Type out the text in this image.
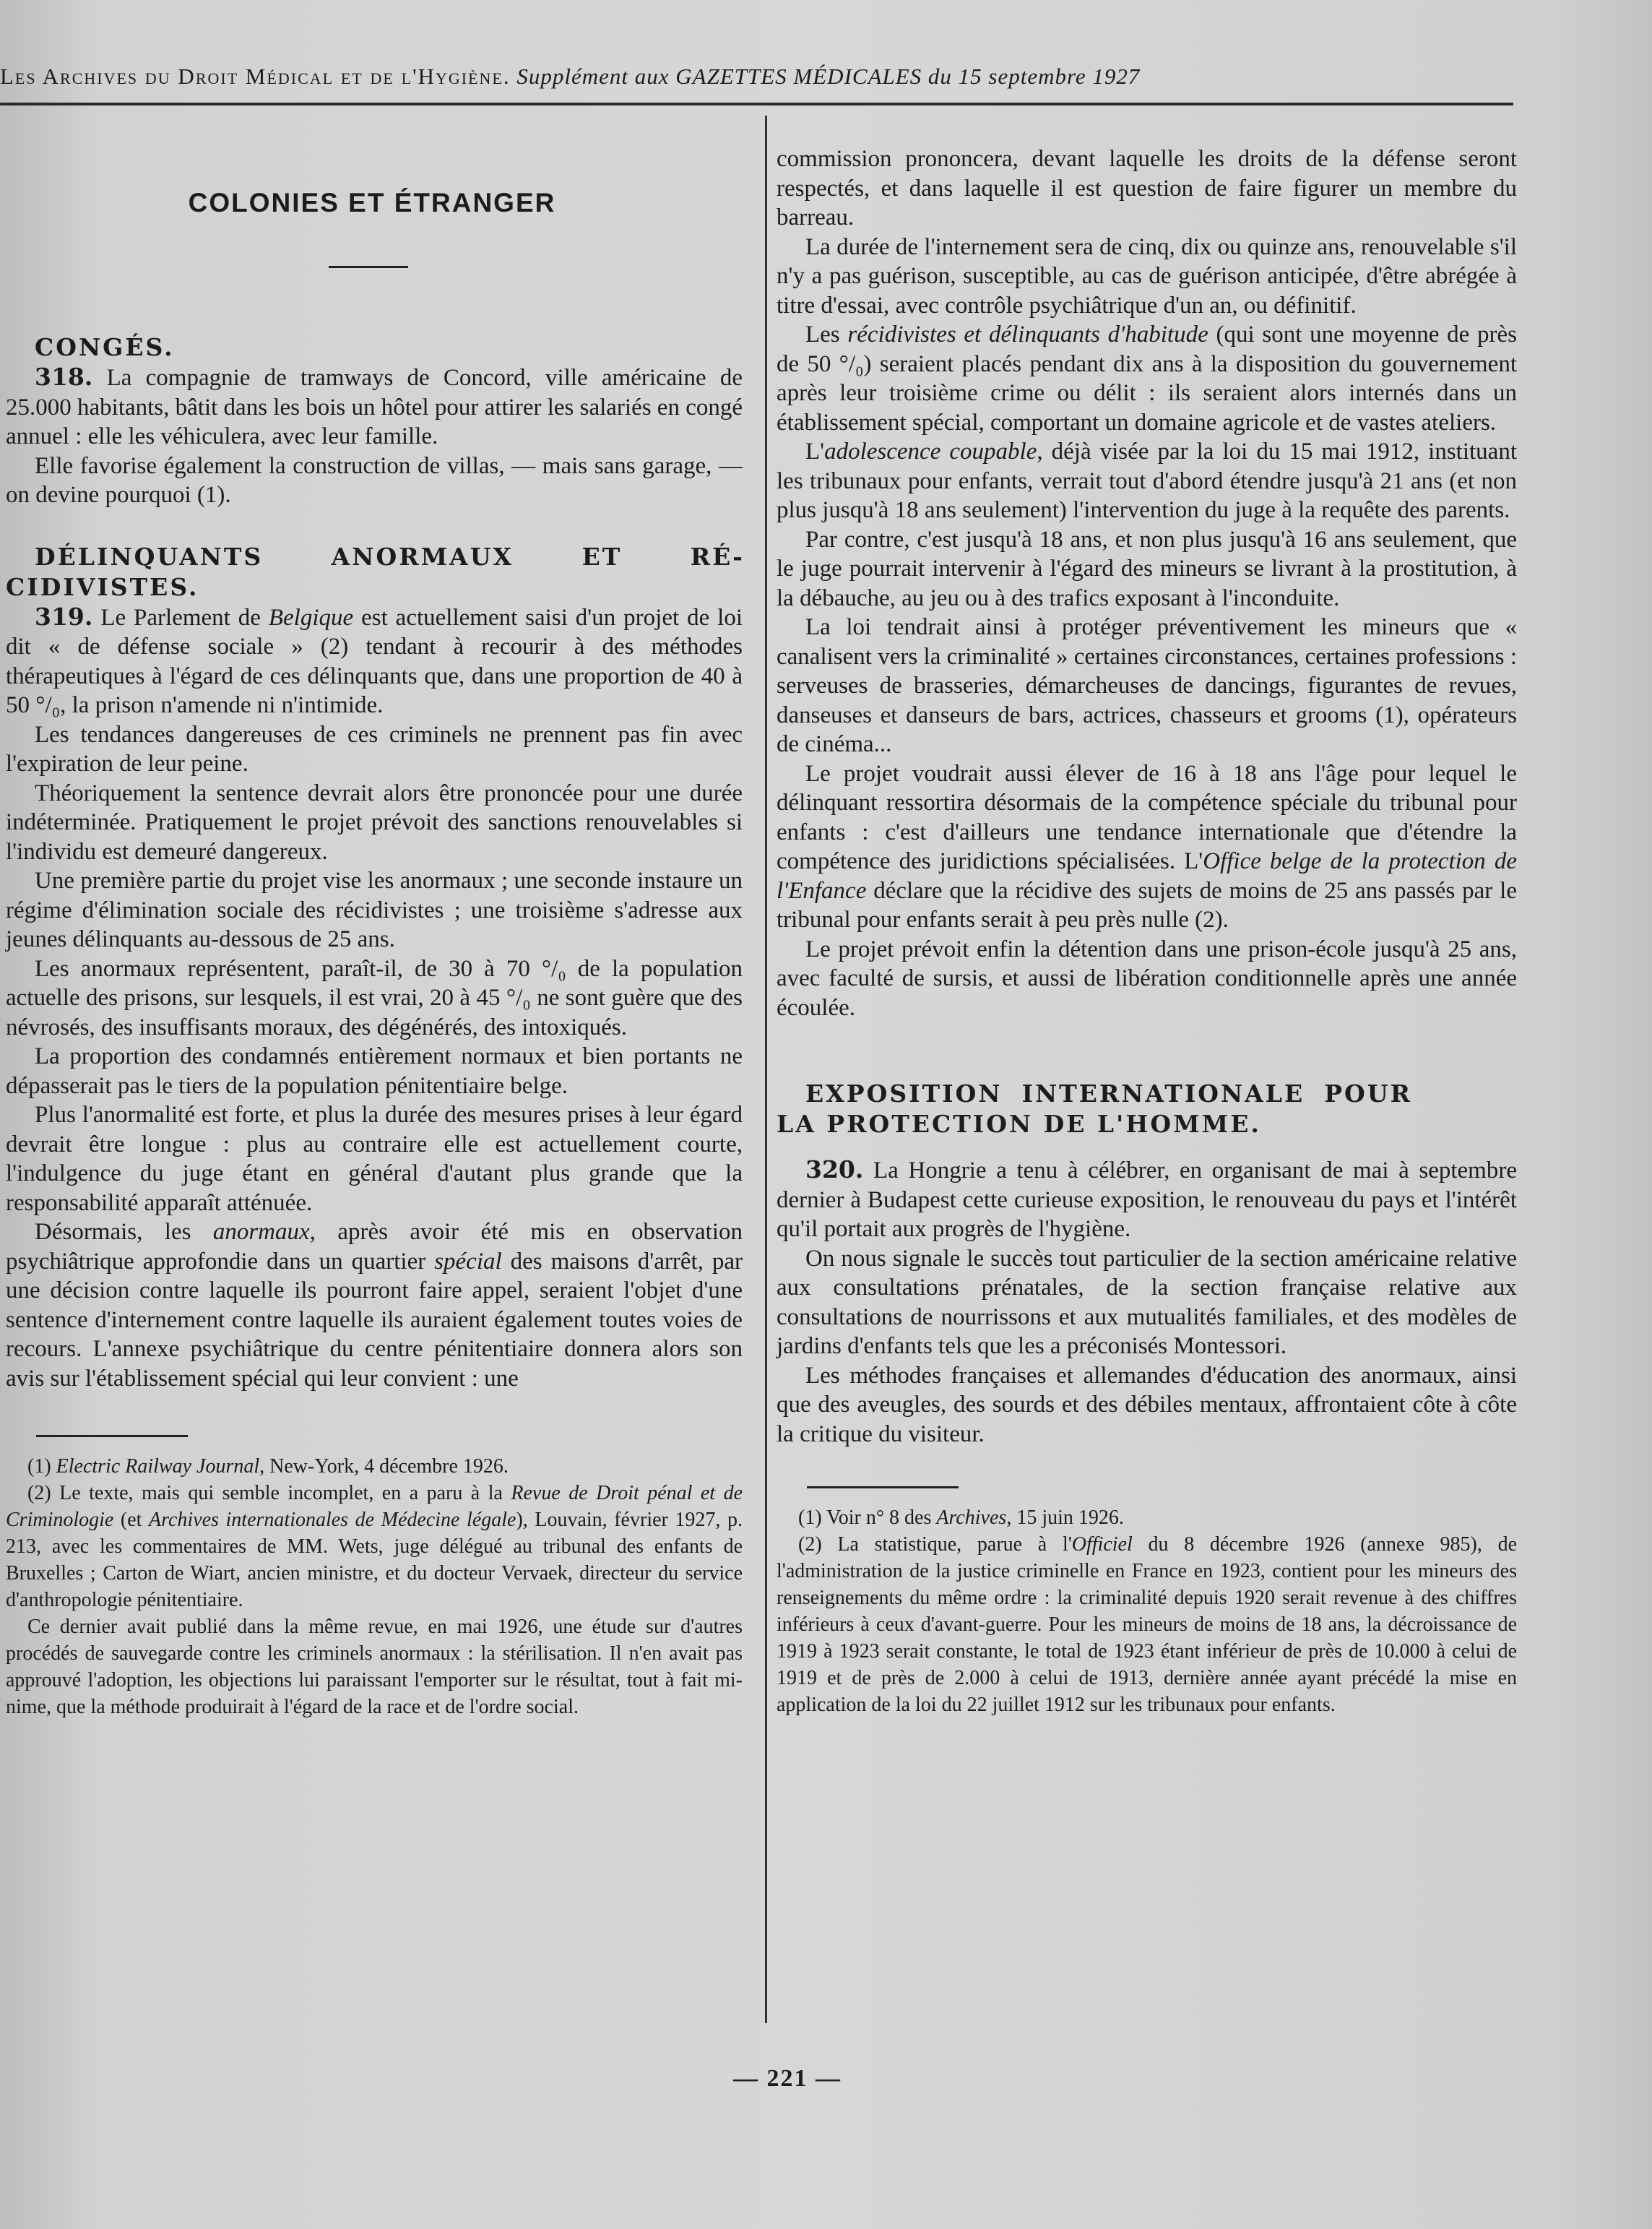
Les Archives du Droit Médical et de l'Hygiène. Supplément aux GAZETTES MÉDICALES du 15 septembre 1927
COLONIES ET ÉTRANGER

CONGÉS.

318. La compagnie de tramways de Concord, ville américaine de 25.000 habitants, bâtit dans les bois un hôtel pour attirer les salariés en congé annuel : elle les véhiculera, avec leur famille.

Elle favorise également la construction de villas, — mais sans garage, — on devine pourquoi (1).

DÉLINQUANTS ANORMAUX ET RÉCIDIVISTES.

319. Le Parlement de Belgique est actuellement saisi d'un projet de loi dit « de défense sociale » (2) tendant à recourir à des méthodes thérapeutiques à l'égard de ces délinquants que, dans une proportion de 40 à 50 °/₀, la prison n'amende ni n'intimide.

Les tendances dangereuses de ces criminels ne prennent pas fin avec l'expiration de leur peine.

Théoriquement la sentence devrait alors être prononcée pour une durée indéterminée. Pratiquement le projet prévoit des sanctions renouvelables si l'individu est demeuré dangereux.

Une première partie du projet vise les anormaux ; une seconde instaure un régime d'élimination sociale des récidivistes ; une troisième s'adresse aux jeunes délinquants au-dessous de 25 ans.

Les anormaux représentent, paraît-il, de 30 à 70 °/₀ de la population actuelle des prisons, sur lesquels, il est vrai, 20 à 45 °/₀ ne sont guère que des névrosés, des insuffisants moraux, des dégénérés, des intoxiqués.

La proportion des condamnés entièrement normaux et bien portants ne dépasserait pas le tiers de la population pénitentiaire belge.

Plus l'anormalité est forte, et plus la durée des mesures prises à leur égard devrait être longue : plus au contraire elle est actuellement courte, l'indulgence du juge étant en général d'autant plus grande que la responsabilité apparaît atténuée.

Désormais, les anormaux, après avoir été mis en observation psychiâtrique approfondie dans un quartier spécial des maisons d'arrêt, par une décision contre laquelle ils pourront faire appel, seraient l'objet d'une sentence d'internement contre laquelle ils auraient également toutes voies de recours. L'annexe psychiâtrique du centre pénitentiaire donnera alors son avis sur l'établissement spécial qui leur convient : une

(1) Electric Railway Journal, New-York, 4 décembre 1926.

(2) Le texte, mais qui semble incomplet, en a paru à la Revue de Droit pénal et de Criminologie (et Archives internationales de Médecine légale), Louvain, février 1927, p. 213, avec les commentaires de MM. Wets, juge délégué au tribunal des enfants de Bruxelles ; Carton de Wiart, ancien ministre, et du docteur Vervaek, directeur du service d'anthropologie pénitentiaire.

Ce dernier avait publié dans la même revue, en mai 1926, une étude sur d'autres procédés de sauvegarde contre les criminels anormaux : la stérilisation. Il n'en avait pas approuvé l'adoption, les objections lui paraissant l'emporter sur le résultat, tout à fait minime, que la méthode produirait à l'égard de la race et de l'ordre social.

commission prononcera, devant laquelle les droits de la défense seront respectés, et dans laquelle il est question de faire figurer un membre du barreau.

La durée de l'internement sera de cinq, dix ou quinze ans, renouvelable s'il n'y a pas guérison, susceptible, au cas de guérison anticipée, d'être abrégée à titre d'essai, avec contrôle psychiâtrique d'un an, ou définitif.

Les récidivistes et délinquants d'habitude (qui sont une moyenne de près de 50 °/₀) seraient placés pendant dix ans à la disposition du gouvernement après leur troisième crime ou délit : ils seraient alors internés dans un établissement spécial, comportant un domaine agricole et de vastes ateliers.

L'adolescence coupable, déjà visée par la loi du 15 mai 1912, instituant les tribunaux pour enfants, verrait tout d'abord étendre jusqu'à 21 ans (et non plus jusqu'à 18 ans seulement) l'intervention du juge à la requête des parents.

Par contre, c'est jusqu'à 18 ans, et non plus jusqu'à 16 ans seulement, que le juge pourrait intervenir à l'égard des mineurs se livrant à la prostitution, à la débauche, au jeu ou à des trafics exposant à l'inconduite.

La loi tendrait ainsi à protéger préventivement les mineurs que « canalisent vers la criminalité » certaines circonstances, certaines professions : serveuses de brasseries, démarcheuses de dancings, figurantes de revues, danseuses et danseurs de bars, actrices, chasseurs et grooms (1), opérateurs de cinéma...

Le projet voudrait aussi élever de 16 à 18 ans l'âge pour lequel le délinquant ressortira désormais de la compétence spéciale du tribunal pour enfants : c'est d'ailleurs une tendance internationale que d'étendre la compétence des juridictions spécialisées. L'Office belge de la protection de l'Enfance déclare que la récidive des sujets de moins de 25 ans passés par le tribunal pour enfants serait à peu près nulle (2).

Le projet prévoit enfin la détention dans une prison-école jusqu'à 25 ans, avec faculté de sursis, et aussi de libération conditionnelle après une année écoulée.

EXPOSITION INTERNATIONALE POUR LA PROTECTION DE L'HOMME.

320. La Hongrie a tenu à célébrer, en organisant de mai à septembre dernier à Budapest cette curieuse exposition, le renouveau du pays et l'intérêt qu'il portait aux progrès de l'hygiène.

On nous signale le succès tout particulier de la section américaine relative aux consultations prénatales, de la section française relative aux consultations de nourrissons et aux mutualités familiales, et des modèles de jardins d'enfants tels que les a préconisés Montessori.

Les méthodes françaises et allemandes d'éducation des anormaux, ainsi que des aveugles, des sourds et des débiles mentaux, affrontaient côte à côte la critique du visiteur.

(1) Voir n° 8 des Archives, 15 juin 1926.

(2) La statistique, parue à l'Officiel du 8 décembre 1926 (annexe 985), de l'administration de la justice criminelle en France en 1923, contient pour les mineurs des renseignements du même ordre : la criminalité depuis 1920 serait revenue à des chiffres inférieurs à ceux d'avant-guerre. Pour les mineurs de moins de 18 ans, la décroissance de 1919 à 1923 serait constante, le total de 1923 étant inférieur de près de 10.000 à celui de 1919 et de près de 2.000 à celui de 1913, dernière année ayant précédé la mise en application de la loi du 22 juillet 1912 sur les tribunaux pour enfants.

— 221 —
